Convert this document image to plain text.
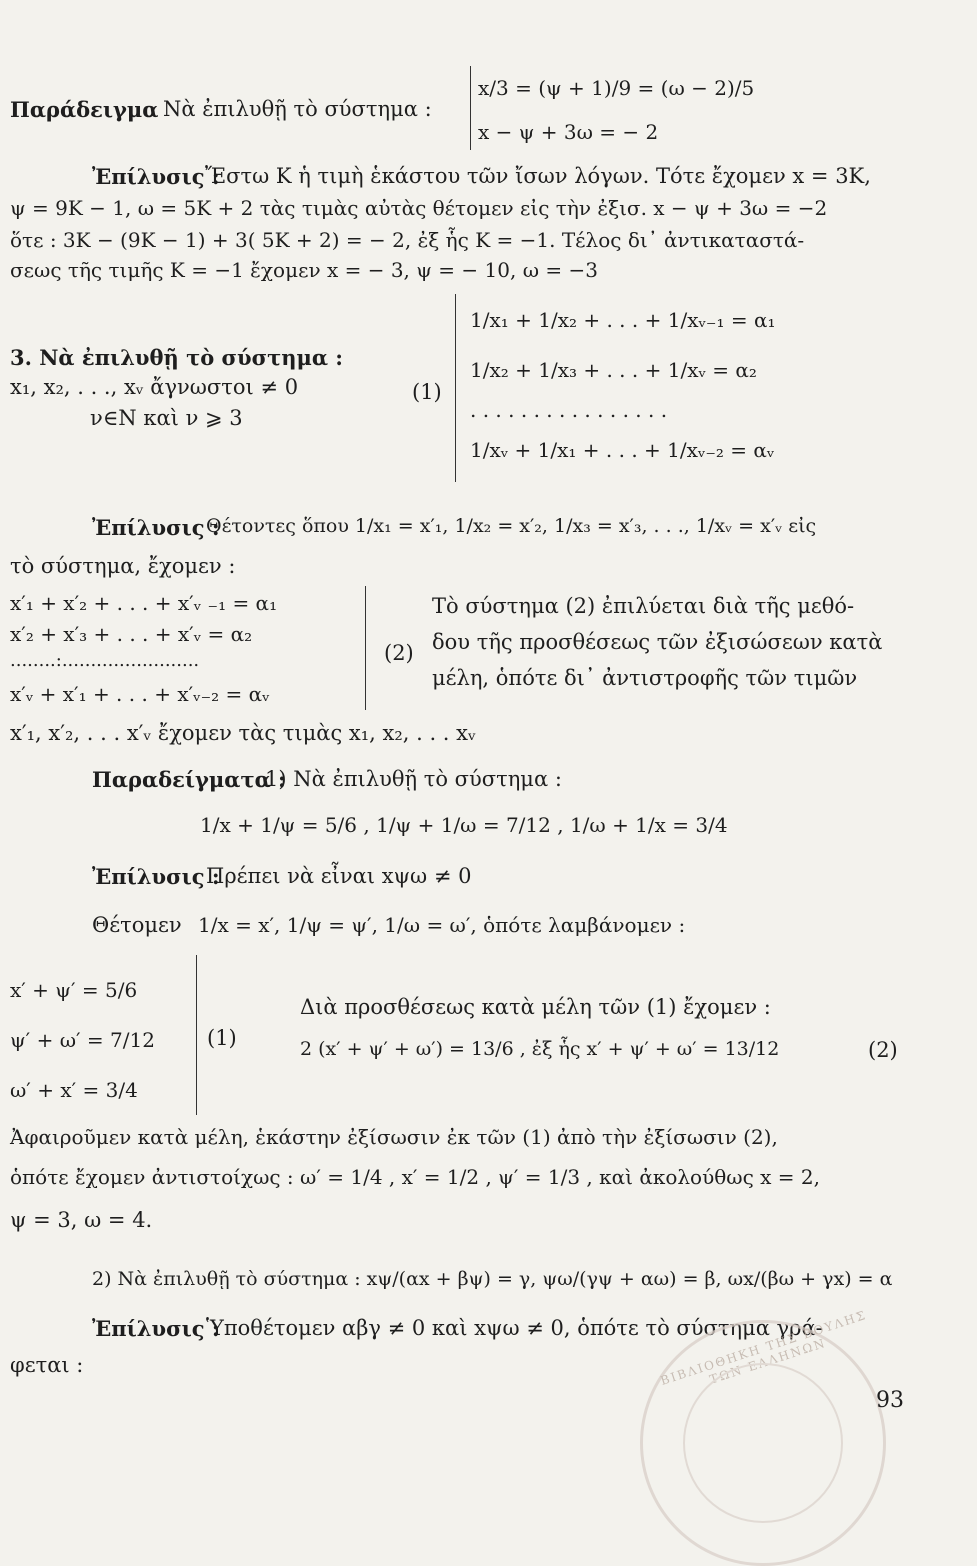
Παράδειγμα Νὰ ἐπιλυθῇ τὸ σύστημα :
x/3 = (ψ + 1)/9 = (ω − 2)/5
x − ψ + 3ω = − 2
Ἐπίλυσις :
Ἔστω Κ ἡ τιμὴ ἑκάστου τῶν ἴσων λόγων. Τότε ἔχομεν x = 3K,
ψ = 9K − 1, ω = 5K + 2 τὰς τιμὰς αὐτὰς θέτομεν εἰς τὴν ἐξισ. x − ψ + 3ω = −2
ὅτε : 3K − (9K − 1) + 3( 5K + 2) = − 2, ἐξ ἧς K = −1. Τέλος δι᾽ ἀντικαταστά-
σεως τῆς τιμῆς K = −1 ἔχομεν x = − 3, ψ = − 10, ω = −3
3. Νὰ ἐπιλυθῇ τὸ σύστημα :
x₁, x₂, . . ., xᵥ ἄγνωστοι ≠ 0	(1)
ν∈N καὶ ν ⩾ 3
1/x₁ + 1/x₂ + . . . + 1/xᵥ₋₁ = α₁
1/x₂ + 1/x₃ + . . . + 1/xᵥ = α₂
. . . . . . . . . . . . . . . .
1/xᵥ + 1/x₁ + . . . + 1/xᵥ₋₂ = αᵥ
Ἐπίλυσις :
Θέτοντες ὅπου 1/x₁ = x′₁, 1/x₂ = x′₂, 1/x₃ = x′₃, . . ., 1/xᵥ = x′ᵥ εἰς
τὸ σύστημα, ἔχομεν :
x′₁ + x′₂ + . . . + x′ᵥ ₋₁ = α₁
x′₂ + x′₃ + . . . + x′ᵥ = α₂
........:........................
x′ᵥ + x′₁ + . . . + x′ᵥ₋₂ = αᵥ
(2)
Τὸ σύστημα (2) ἐπιλύεται διὰ τῆς μεθό-
δου τῆς προσθέσεως τῶν ἐξισώσεων κατὰ
μέλη, ὁπότε δι᾽ ἀντιστροφῆς τῶν τιμῶν
x′₁, x′₂, . . . x′ᵥ ἔχομεν τὰς τιμὰς x₁, x₂, . . . xᵥ
Παραδείγματα :
1) Νὰ ἐπιλυθῇ τὸ σύστημα :
1/x + 1/ψ = 5/6 , 1/ψ + 1/ω = 7/12 , 1/ω + 1/x = 3/4
Ἐπίλυσις :
Πρέπει νὰ εἶναι xψω ≠ 0
Θέτομεν 1/x = x′, 1/ψ = ψ′, 1/ω = ω′, ὁπότε λαμβάνομεν :
x′ + ψ′ = 5/6
ψ′ + ω′ = 7/12
ω′ + x′ = 3/4
(1)
Διὰ προσθέσεως κατὰ μέλη τῶν (1) ἔχομεν :
2 (x′ + ψ′ + ω′) = 13/6 , ἐξ ἧς x′ + ψ′ + ω′ = 13/12	(2)
Ἀφαιροῦμεν κατὰ μέλη, ἑκάστην ἐξίσωσιν ἐκ τῶν (1) ἀπὸ τὴν ἐξίσωσιν (2),
ὁπότε ἔχομεν ἀντιστοίχως : ω′ = 1/4 , x′ = 1/2 , ψ′ = 1/3 , καὶ ἀκολούθως x = 2,
ψ = 3, ω = 4.
2) Νὰ ἐπιλυθῇ τὸ σύστημα : xψ/(αx + βψ) = γ, ψω/(γψ + αω) = β, ωx/(βω + γx) = α
Ἐπίλυσις :
Ὑποθέτομεν αβγ ≠ 0 καὶ xψω ≠ 0, ὁπότε τὸ σύστημα γρά-
φεται :	ΒΙΒΛΙΟΘΗΚΗ ΤΗΣ ΒΟΥΛΗΣ ΤΩΝ ΕΛΛΗΝΩΝ
93
